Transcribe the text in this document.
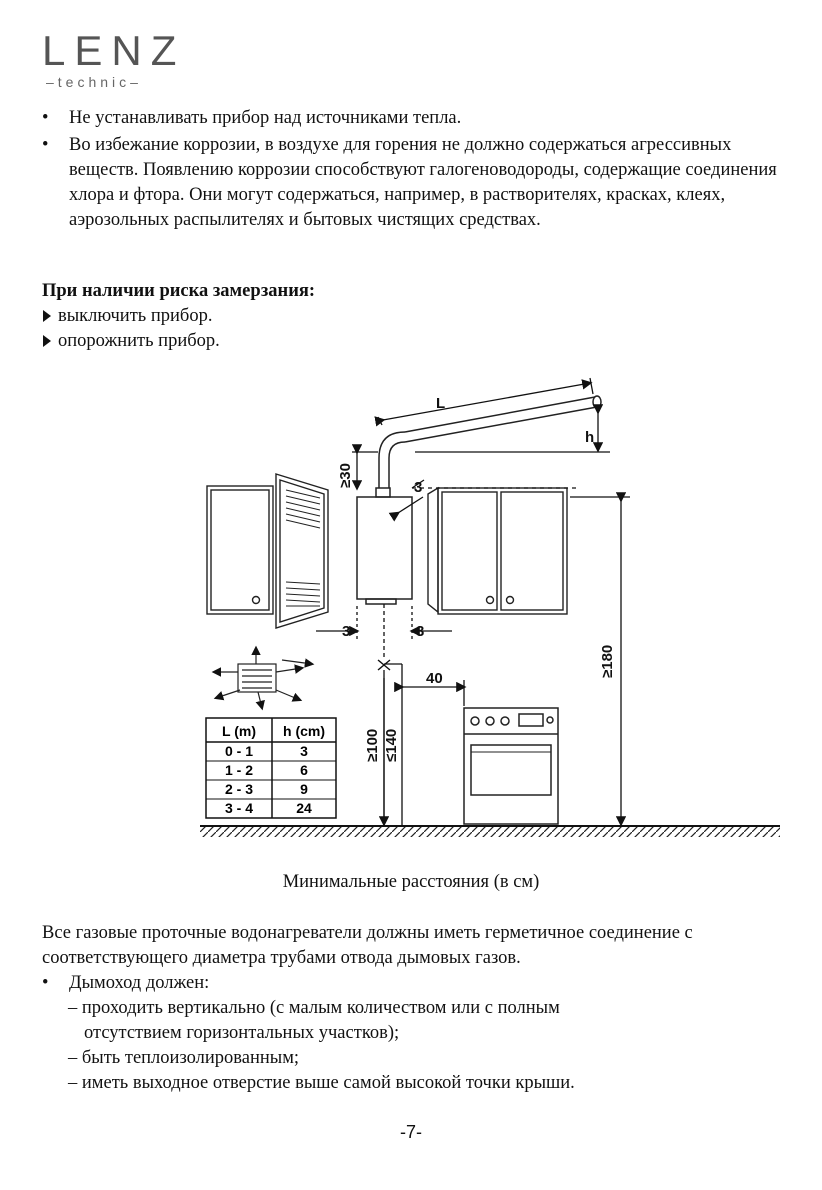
LENZ
–technic–
• Не устанавливать прибор над источниками тепла.
• Во избежание коррозии, в воздухе для горения не должно содержаться агрессивных веществ. Появлению коррозии способствуют галогеноводороды, содержащие соединения хлора и фтора. Они могут содержаться, например, в растворителях, красках, клеях, аэрозольных распылителях и бытовых чистящих средствах.
При наличии риска замерзания:
выключить прибор.
опорожнить прибор.
L (m) h (cm)
0 - 1	3
1 - 2	6
2 - 3	9
3 - 4	24
L
h
≥30	3
3	3
40
≥180
≥100 ≤140
Минимальные расстояния (в см)
Все газовые проточные водонагреватели должны иметь герметичное соединение с соответствующего диаметра трубами отвода дымовых газов.
• Дымоход должен:
– проходить вертикально (с малым количеством или с полным
отсутствием горизонтальных участков);
– быть теплоизолированным;
– иметь выходное отверстие выше самой высокой точки крыши.
-7-
